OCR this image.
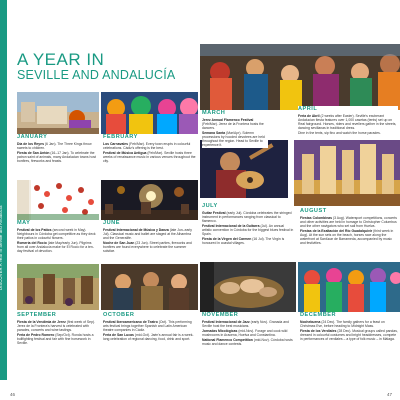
A YEAR IN
SEVILLE AND ANDALUCÍA
JANUARY

Día de los Reyes (6 Jan). The Three Kings throw sweets to children.

Fiesta de San Antón (16–17 Jan). To celebrate the patron saint of animals, many Andalucian towns host bonfires, fireworks and feasts.

FEBRUARY

Los Carnavales (Feb/Mar). Every town erupts in colourful celebrations. Cádiz's offering is the best.

Festival de Música Antigua (Feb/Mar). Seville hosts three weeks of renaissance music in various venues throughout the city.

MARCH

Jerez Annual Flamenco Festival (Feb/Mar). Jerez de la Frontera hosts the dancers.

Semana Santa (Mar/Apr). Solemn processions by hooded devotees are held throughout the region. Head to Seville to experience it.

APRIL

Feria de Abril (2 weeks after Easter). Seville's exuberant Andalucian fiesta features over 1,000 casetas (tents) set up on Real fairground. Horses, riders and revellers gather in the streets, dancing sevillanas in traditional dress.

Dine in the tents, sip fino and watch the horse parades.

MAY

Festival de los Patios (second week in May). Neighbours in Córdoba get competitive as they deck their patios in colourful flowers.

Romería del Rocío (late May/early Jun). Pilgrims from all over Andalucía make for El Rocío for a ten-day festival of devotion.

JUNE

Festival Internacional de Música y Danza (late Jun–early Jul). Classical music and ballet are staged at the Alhambra and the Generalife.

Noche de San Juan (23 Jun). Street parties, fireworks and bonfires are found everywhere to celebrate the summer solstice.

JULY

Guitar Festival (early Jul). Córdoba celebrates the stringed instrument in performances ranging from classical to flamenco.

Festival Internacional de la Guitarra (Jul). An annual artistic convention in Córdoba for the biggest blues festival in Spain.

Fiesta de la Virgen del Carmen (16 Jul). The Virgin is honoured in coastal villages.

AUGUST

Fiestas Colombinas (3 Aug). Watersport competitions, concerts and other activities are held in homage to Christopher Columbus and the other navigators who set sail from Huelva.

Fiestas de la Exaltación del Río Guadalquivir (third week in Aug). At the sun sets on the beach, horses race along the waterfront at Sanlúcar de Barrameda, accompanied by music and festivities.

SEPTEMBER

Fiesta de la Vendimia de Jerez (first week of Sep). Jerez de la Frontera's harvest is celebrated with parades, concerts and wine tastings.

Feria de Pedro Romero (Sep/Oct). Ronda hosts a bullfighting festival and fair with fine horsework in Seville.

OCTOBER

Festival Iberoamericano de Teatro (Oct). This performing arts festival brings together Spanish and Latin American theatre companies in Cádiz.

Feria de San Lucas (mid-Oct). Jaén's annual fair is a week-long celebration of regional dancing, food, drink and sport.

NOVEMBER

Festival Internacional de Jazz (early Nov). Granada and Seville host the best musicians.

Jornadas Micológicas (mid-Nov). Forage and cook wild mushrooms in Aracena, Huelva and Constantina.

National Flamenco Competition (mid-Nov). Córdoba hosts music and dance contests.

DECEMBER

Nochebuena (24 Dec). The family gathers for a feast on Christmas Eve, before heading to Midnight Mass.

Fiesta de los Verdiales (28 Dec). Musical groups called pandas, dressed in colourful costumes and bright headdresses, compete in performances of verdiales – a type of folk music – in Málaga.

46	47
